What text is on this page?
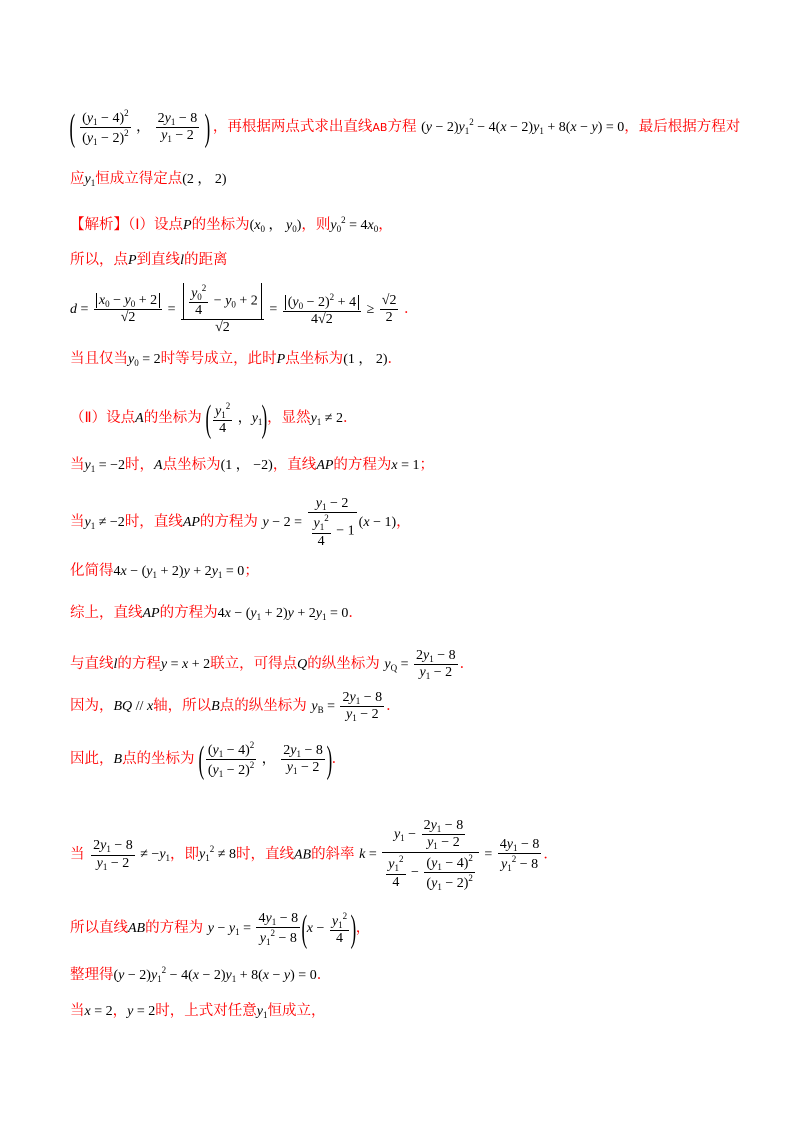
( $\frac{(y_1 - 4)^2}{(y_1 - 2)^2}$ ， $\frac{2y_1 - 8}{y_1 - 2}$ ) ，再根据两点式求出直线AB方程 $(y - 2)y_1^2 - 4(x - 2)y_1 + 8(x - y) = 0$，最后根据方程对
应$y_1$恒成立得定点(2 ， 2)
【解析】（Ⅰ）设点P的坐标为($x_0$ ， $y_0$)，则$y_0^2 = 4x_0$，
所以，点P到直线l的距离
$d = \frac{x_0 - y_0 + 2}{√2} = \frac{\frac{y_0^2}{4} - y_0 + 2}{√2} = \frac{(y_0 - 2)^2 + 4}{4√2} \ge \frac{√2}{2}$ ．
当且仅当$y_0 = 2$时等号成立，此时P点坐标为(1 ， 2)．
（Ⅱ）设点A的坐标为 ( $\frac{y_1^2}{4}$ ，$y_1$)，显然$y_1 \ne 2$．
当$y_1 = -2$时，A点坐标为(1 ， −2)，直线AP的方程为x = 1；
当$y_1 \ne -2$时，直线AP的方程为 $y - 2 = \frac{y_1 - 2}{\frac{y_1^2}{4} - 1} (x - 1)$，
化简得$4x - (y_1 + 2)y + 2y_1 = 0$；
综上，直线AP的方程为$4x - (y_1 + 2)y + 2y_1 = 0$．
与直线l的方程y = x + 2联立，可得点Q的纵坐标为 $y_Q = \frac{2y_1 - 8}{y_1 - 2}$ ．
因为，BQ // x轴，所以B点的纵坐标为 $y_B = \frac{2y_1 - 8}{y_1 - 2}$ ．
因此，B点的坐标为 ( $\frac{(y_1 - 4)^2}{(y_1 - 2)^2}$ ， $\frac{2y_1 - 8}{y_1 - 2}$ )．
当 $\frac{2y_1 - 8}{y_1 - 2} \ne -y_1$，即$y_1^2 \ne 8$时，直线AB的斜率 $k = \frac{y_1 - \frac{2y_1 - 8}{y_1 - 2}}{\frac{y_1^2}{4} - \frac{(y_1 - 4)^2}{(y_1 - 2)^2}} = \frac{4y_1 - 8}{y_1^2 - 8}$ ．
所以直线AB的方程为 $y - y_1 = \frac{4y_1 - 8}{y_1^2 - 8} (x - \frac{y_1^2}{4}$ )，
整理得$(y - 2)y_1^2 - 4(x - 2)y_1 + 8(x - y) = 0$．
当x = 2，y = 2时，上式对任意$y_1$恒成立，
